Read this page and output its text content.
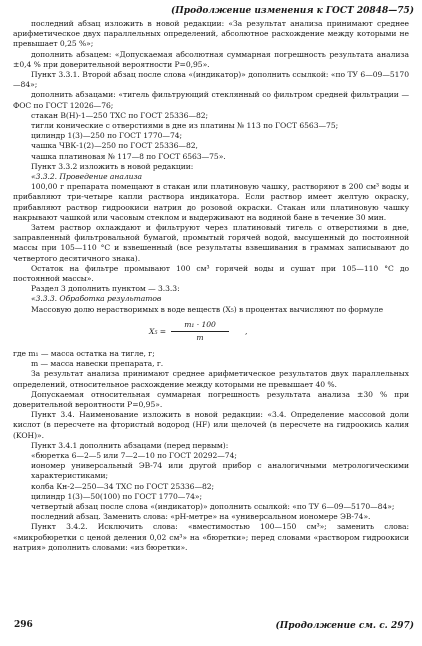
(Продолжение изменения к ГОСТ 20848—75)

последний абзац изложить в новой редакции: «За результат анализа принимают среднее арифметическое двух параллельных определений, абсолютное расхождение между которыми не превышает 0,25 %»;

дополнить абзацем: «Допускаемая абсолютная суммарная погрешность результата анализа ±0,4 % при доверительной вероятности P=0,95».

Пункт 3.3.1. Второй абзац после слова «(индикатор)» дополнить ссылкой: «по ТУ 6—09—5170—84»;

дополнить абзацами: «тигель фильтрующий стеклянный со фильтром средней фильтрации — ФОС по ГОСТ 12026—76;

стакан В(Н)-1—250 ТХС по ГОСТ 25336—82;

тигли конические с отверстиями в дне из платины № 113 по ГОСТ 6563—75;

цилиндр 1(3)—250 по ГОСТ 1770—74;

чашка ЧВК-1(2)—250 по ГОСТ 25336—82,

чашка платиновая № 117—8 по ГОСТ 6563—75».

Пункт 3.3.2 изложить в новой редакции:

«3.3.2. Проведение анализа

100,00 г препарата помещают в стакан или платиновую чашку, растворяют в 200 см³ воды и прибавляют три-четыре капли раствора индикатора. Если раствор имеет желтую окраску, прибавляют раствор гидроокиси натрия до розовой окраски. Стакан или платиновую чашку накрывают чашкой или часовым стеклом и выдерживают на водяной бане в течение 30 мин.

Затем раствор охлаждают и фильтруют через платиновый тигель с отверстиями в дне, заправленный фильтровальной бумагой, промытый горячей водой, высушенный до постоянной массы при 105—110 °С и взвешенный (все результаты взвешивания в граммах записывают до четвертого десятичного знака).

Остаток на фильтре промывают 100 см³ горячей воды и сушат при 105—110 °С до постоянной массы».

Раздел 3 дополнить пунктом — 3.3.3:

«3.3.3. Обработка результатов

Массовую долю нерастворимых в воде веществ (X₅) в процентах вычисляют по формуле

$X_5 = \frac{\text{m₁ · 100}}{m}$ ,

где m₁ — масса остатка на тигле, г;

m — масса навески препарата, г.

За результат анализа принимают среднее арифметическое результатов двух параллельных определений, относительное расхождение между которыми не превышает 40 %.

Допускаемая относительная суммарная погрешность результата анализа ±30 % при доверительной вероятности P=0,95».

Пункт 3.4. Наименование изложить в новой редакции: «3.4. Определение массовой доли кислот (в пересчете на фтористый водород (HF) или щелочей (в пересчете на гидроокись калия (KOH)».

Пункт 3.4.1 дополнить абзацами (перед первым):

«бюретка 6—2—5 или 7—2—10 по ГОСТ 20292—74;

иономер универсальный ЭВ-74 или другой прибор с аналогичными метрологическими характеристиками;

колба Кн-2—250—34 ТХС по ГОСТ 25336—82;

цилиндр 1(3)—50(100) по ГОСТ 1770—74»;

четвертый абзац после слова «(индикатор)» дополнить ссылкой: «по ТУ 6—09—5170—84»;

последний абзац. Заменить слова: «pH-метре» на «универсальном иономере ЭВ-74».

Пункт 3.4.2. Исключить слова: «вместимостью 100—150 см³»; заменить слова: «микробюретки с ценой деления 0,02 см³» на «бюретки»; перед словами «раствором гидроокиси натрия» дополнить словами: «из бюретки».

296	(Продолжение см. с. 297)
